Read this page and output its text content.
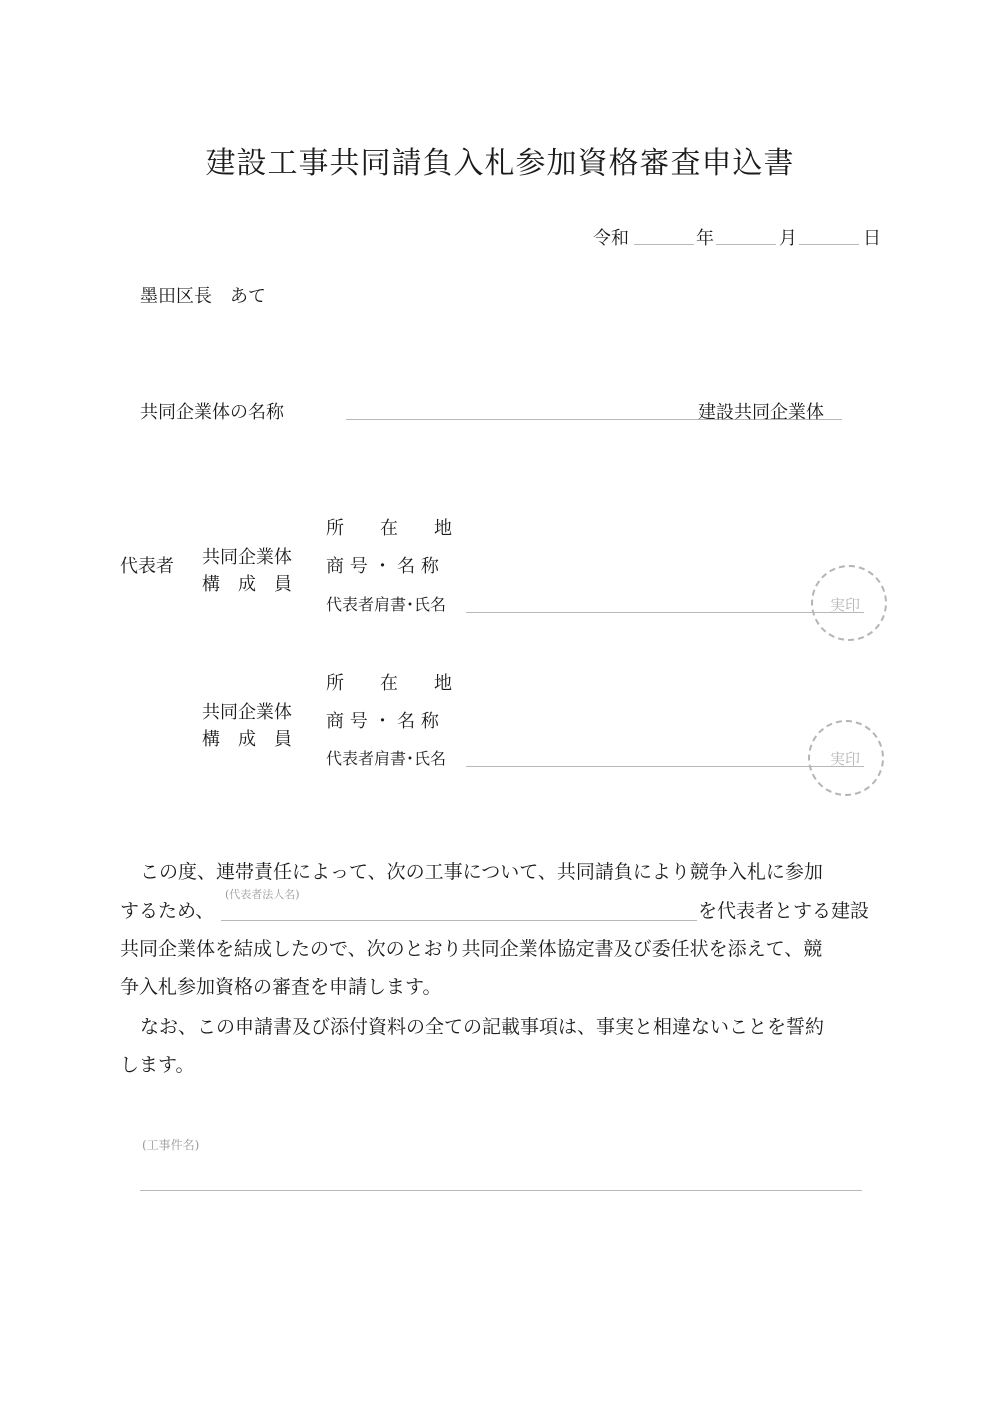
建設工事共同請負入札参加資格審査申込書
令和	年	月	日
墨田区長　あて
共同企業体の名称	建設共同企業体
代表者 共同企業体
構　成　員
所　　在　　地
商 号 ・ 名 称
代表者肩書･氏名	実印
共同企業体
構　成　員
所　　在　　地
商 号 ・ 名 称
代表者肩書･氏名	実印
この度、連帯責任によって、次の工事について、共同請負により競争入札に参加
するため、
(代表者法人名)
を代表者とする建設
共同企業体を結成したので、次のとおり共同企業体協定書及び委任状を添えて、競
争入札参加資格の審査を申請します。
なお、この申請書及び添付資料の全ての記載事項は、事実と相違ないことを誓約
します。
(工事件名)
